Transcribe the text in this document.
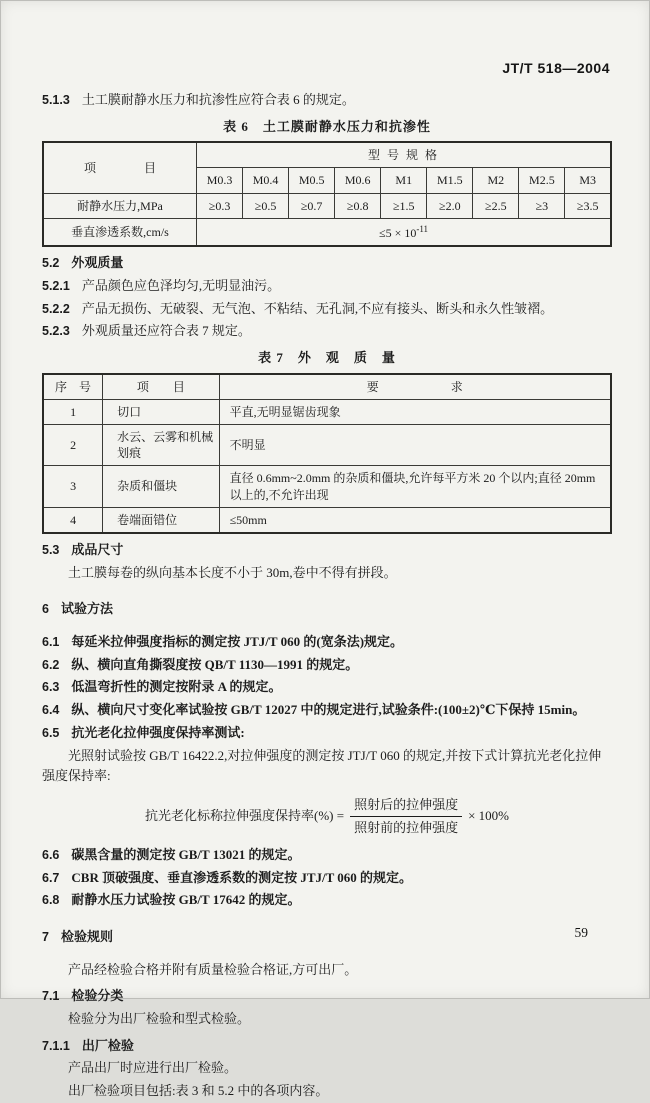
JT/T 518—2004

5.1.3 土工膜耐静水压力和抗渗性应符合表 6 的规定。

表 6　土工膜耐静水压力和抗渗性
项　　　　目	型 号 规 格								
	M0.3	M0.4	M0.5	M0.6	M1	M1.5	M2	M2.5	M3
耐静水压力,MPa	≥0.3	≥0.5	≥0.7	≥0.8	≥1.5	≥2.0	≥2.5	≥3	≥3.5
垂直渗透系数,cm/s	$\le 5 \times 10^{-11}$

5.2 外观质量

5.2.1 产品颜色应色泽均匀,无明显油污。

5.2.2 产品无损伤、无破裂、无气泡、不粘结、无孔洞,不应有接头、断头和永久性皱褶。

5.2.3 外观质量还应符合表 7 规定。

表 7　外　观　质　量
序　号	项　　目	要　　　　　　求
1	切口	平直,无明显锯齿现象
2	水云、云雾和机械划痕	不明显
3	杂质和僵块	直径 0.6mm~2.0mm 的杂质和僵块,允许每平方米 20 个以内;直径 20mm 以上的,不允许出现
4	卷端面错位	≤50mm

5.3 成品尺寸

土工膜每卷的纵向基本长度不小于 30m,卷中不得有拼段。

6 试验方法

6.1 每延米拉伸强度指标的测定按 JTJ/T 060 的(宽条法)规定。

6.2 纵、横向直角撕裂度按 QB/T 1130—1991 的规定。

6.3 低温弯折性的测定按附录 A 的规定。

6.4 纵、横向尺寸变化率试验按 GB/T 12027 中的规定进行,试验条件:(100±2)℃下保持 15min。

6.5 抗光老化拉伸强度保持率测试:

光照射试验按 GB/T 16422.2,对拉伸强度的测定按 JTJ/T 060 的规定,并按下式计算抗光老化拉伸强度保持率:

抗光老化标称拉伸强度保持率(%) = $\frac{\text{照射后的拉伸强度}}{\text{照射前的拉伸强度}} \times 100\%$

6.6 碳黑含量的测定按 GB/T 13021 的规定。

6.7 CBR 顶破强度、垂直渗透系数的测定按 JTJ/T 060 的规定。

6.8 耐静水压力试验按 GB/T 17642 的规定。

7 检验规则

产品经检验合格并附有质量检验合格证,方可出厂。

7.1 检验分类

检验分为出厂检验和型式检验。

7.1.1 出厂检验

产品出厂时应进行出厂检验。

出厂检验项目包括:表 3 和 5.2 中的各项内容。

59
